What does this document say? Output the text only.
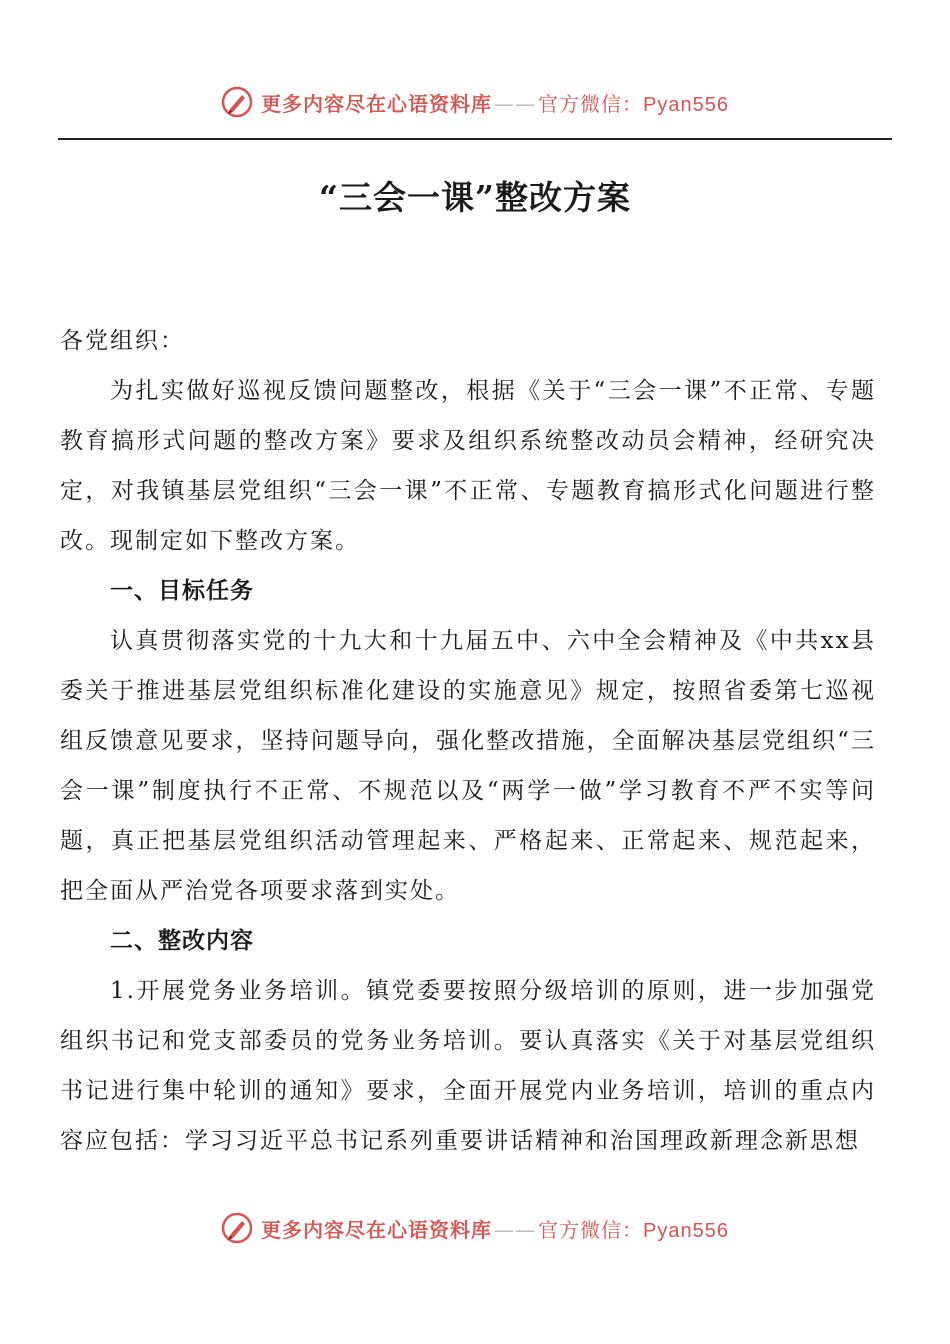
更多内容尽在心语资料库 —— 官方微信：Pyan556
“三会一课”整改方案

各党组织：

为扎实做好巡视反馈问题整改，根据《关于“三会一课”不正常、专题教育搞形式问题的整改方案》要求及组织系统整改动员会精神，经研究决定，对我镇基层党组织“三会一课”不正常、专题教育搞形式化问题进行整改。现制定如下整改方案。

一、目标任务

认真贯彻落实党的十九大和十九届五中、六中全会精神及《中共xx县委关于推进基层党组织标准化建设的实施意见》规定，按照省委第七巡视组反馈意见要求，坚持问题导向，强化整改措施，全面解决基层党组织“三会一课”制度执行不正常、不规范以及“两学一做”学习教育不严不实等问题，真正把基层党组织活动管理起来、严格起来、正常起来、规范起来，把全面从严治党各项要求落到实处。

二、整改内容

1.开展党务业务培训。镇党委要按照分级培训的原则，进一步加强党组织书记和党支部委员的党务业务培训。要认真落实《关于对基层党组织书记进行集中轮训的通知》要求，全面开展党内业务培训，培训的重点内容应包括：学习习近平总书记系列重要讲话精神和治国理政新理念新思想

更多内容尽在心语资料库 —— 官方微信：Pyan556
